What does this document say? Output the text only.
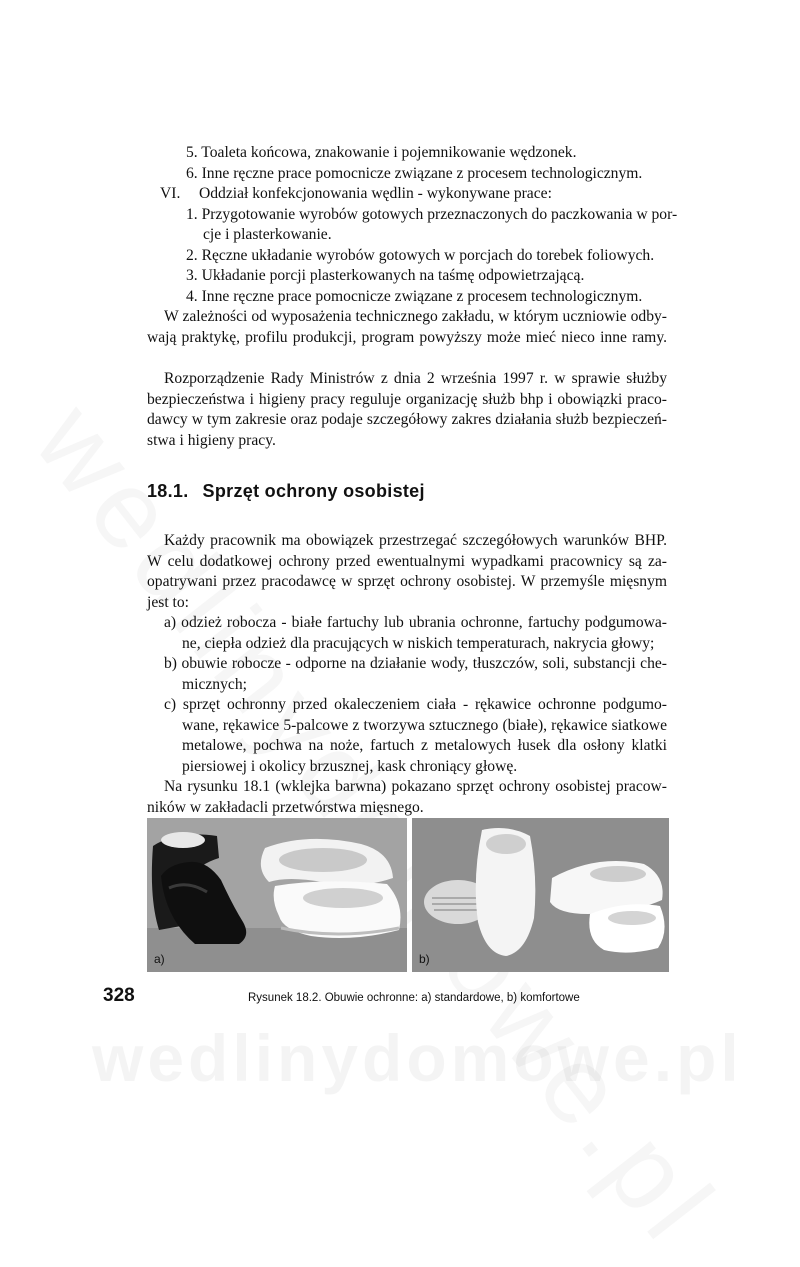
5. Toaleta końcowa, znakowanie i pojemnikowanie wędzonek.
6. Inne ręczne prace pomocnicze związane z procesem technologicznym.
VI. Oddział konfekcjonowania wędlin - wykonywane prace:
1. Przygotowanie wyrobów gotowych przeznaczonych do paczkowania w por-
cje i plasterkowanie.
2. Ręczne układanie wyrobów gotowych w porcjach do torebek foliowych.
3. Układanie porcji plasterkowanych na taśmę odpowietrzającą.
4. Inne ręczne prace pomocnicze związane z procesem technologicznym.
W zależności od wyposażenia technicznego zakładu, w którym uczniowie odby-
wają praktykę, profilu produkcji, program powyższy może mieć nieco inne ramy.
Rozporządzenie Rady Ministrów z dnia 2 września 1997 r. w sprawie służby
bezpieczeństwa i higieny pracy reguluje organizację służb bhp i obowiązki praco-
dawcy w tym zakresie oraz podaje szczegółowy zakres działania służb bezpieczeń-
stwa i higieny pracy.
18.1. Sprzęt ochrony osobistej
Każdy pracownik ma obowiązek przestrzegać szczegółowych warunków BHP.
W celu dodatkowej ochrony przed ewentualnymi wypadkami pracownicy są za-
opatrywani przez pracodawcę w sprzęt ochrony osobistej. W przemyśle mięsnym
jest to:
a) odzież robocza - białe fartuchy lub ubrania ochronne, fartuchy podgumowa-
ne, ciepła odzież dla pracujących w niskich temperaturach, nakrycia głowy;
b) obuwie robocze - odporne na działanie wody, tłuszczów, soli, substancji che-
micznych;
c) sprzęt ochronny przed okaleczeniem ciała - rękawice ochronne podgumo-
wane, rękawice 5-palcowe z tworzywa sztucznego (białe), rękawice siatkowe
metalowe, pochwa na noże, fartuch z metalowych łusek dla osłony klatki
piersiowej i okolicy brzusznej, kask chroniący głowę.
Na rysunku 18.1 (wklejka barwna) pokazano sprzęt ochrony osobistej pracow-
ników w zakładacli przetwórstwa mięsnego.
a)	b)
328	Rysunek 18.2. Obuwie ochronne: a) standardowe, b) komfortowe
